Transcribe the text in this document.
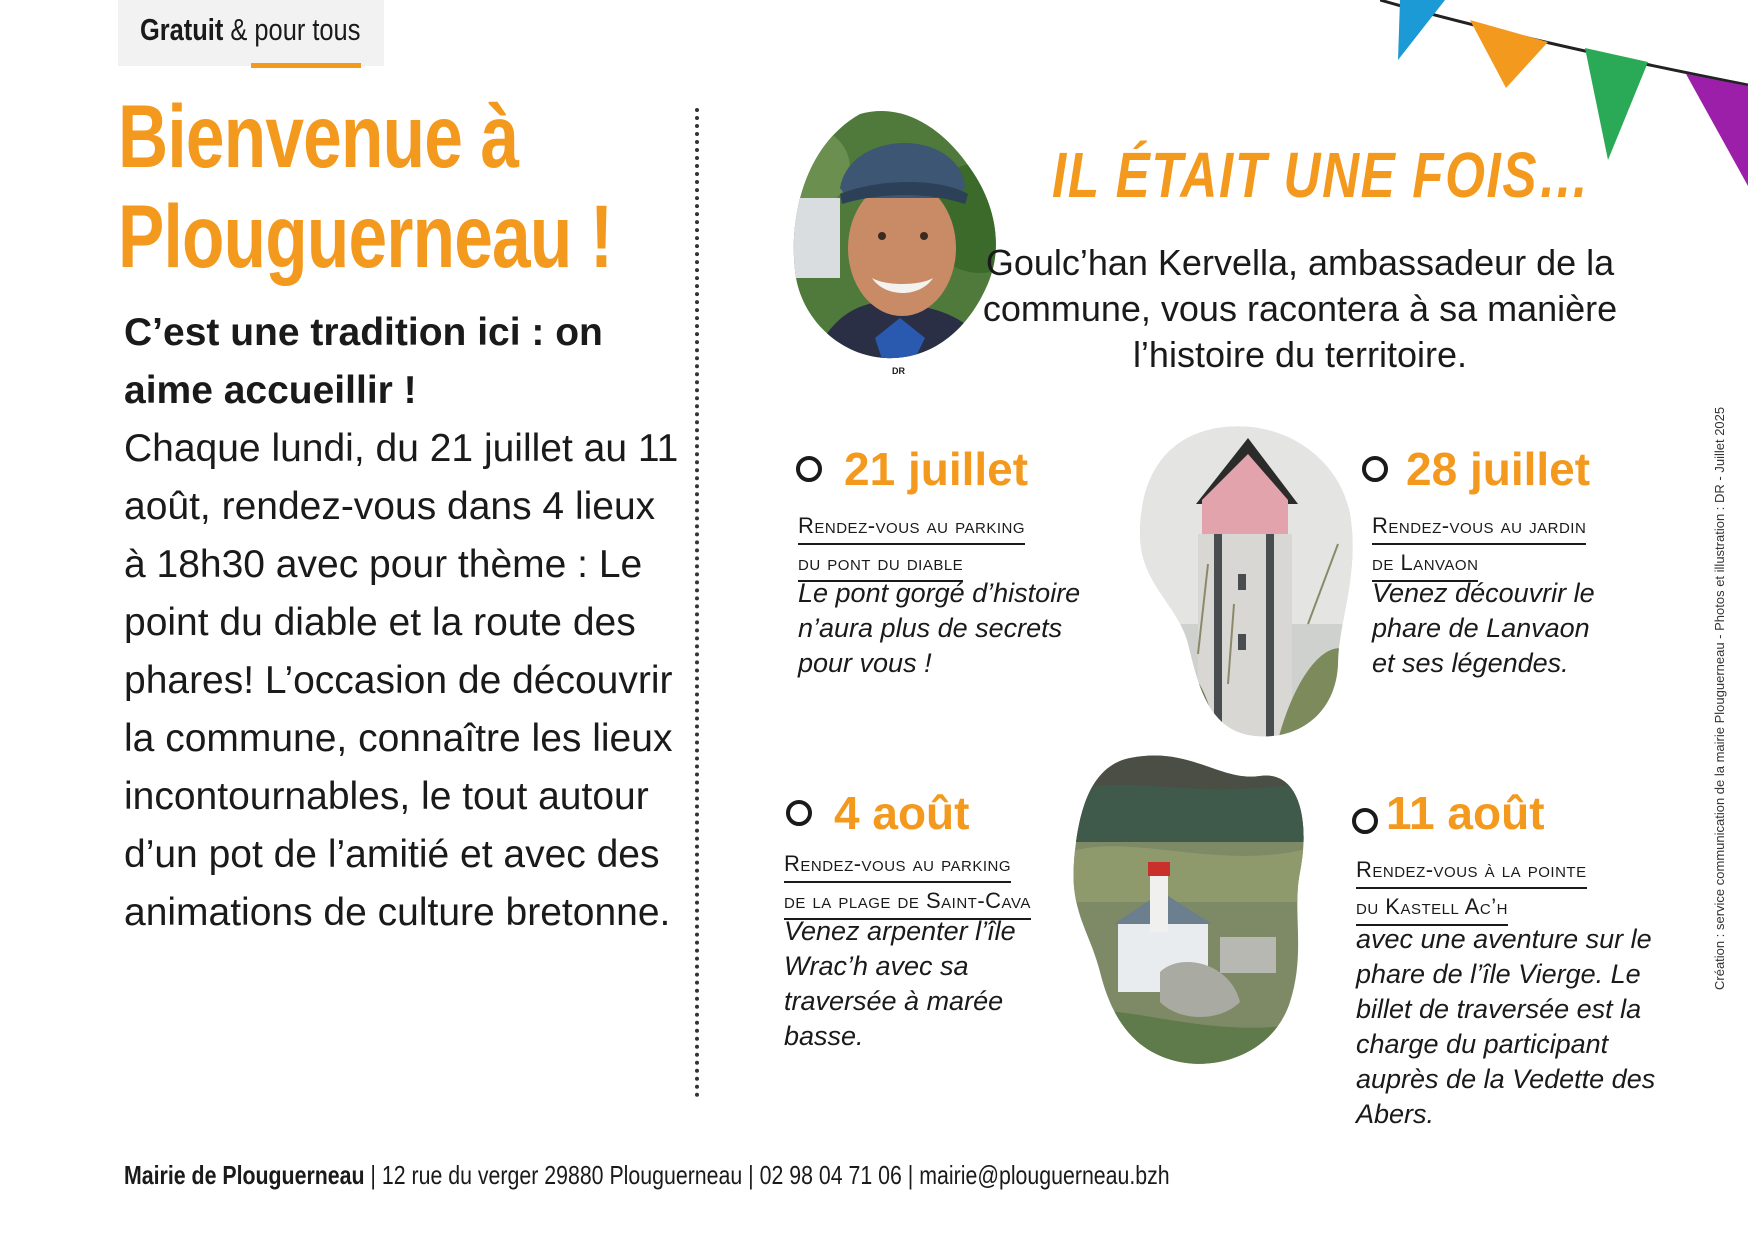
Gratuit & pour tous
Bienvenue à
Plouguerneau !
C’est une tradition ici : on aime accueillir !
Chaque lundi, du 21 juillet au 11 août, rendez-vous dans 4 lieux à 18h30 avec pour thème : Le point du diable et la route des phares! L’occasion de découvrir la commune, connaître les lieux incontournables, le tout autour d’un pot de l’amitié et avec des animations de culture bretonne.
DR
IL ÉTAIT UNE FOIS…
Goulc’han Kervella, ambassadeur de la commune, vous racontera à sa manière l’histoire du territoire.
21 juillet
Rendez-vous au parking
du pont du diable
Le pont gorgé d’histoire n’aura plus de secrets pour vous !
28 juillet
Rendez-vous au jardin
de Lanvaon
Venez découvrir le phare de Lanvaon et ses légendes.
4 août
Rendez-vous au parking
de la plage de Saint-Cava
Venez arpenter l’île Wrac’h avec sa traversée à marée basse.
11 août
Rendez-vous à la pointe
du Kastell Ac’h
avec une aventure sur le phare de l’île Vierge. Le billet de traversée est la charge du participant auprès de la Vedette des Abers.
Création : service communication de la mairie Plouguerneau - Photos et illustration : DR - Juillet 2025
Mairie de Plouguerneau | 12 rue du verger 29880 Plouguerneau | 02 98 04 71 06 | mairie@plouguerneau.bzh
